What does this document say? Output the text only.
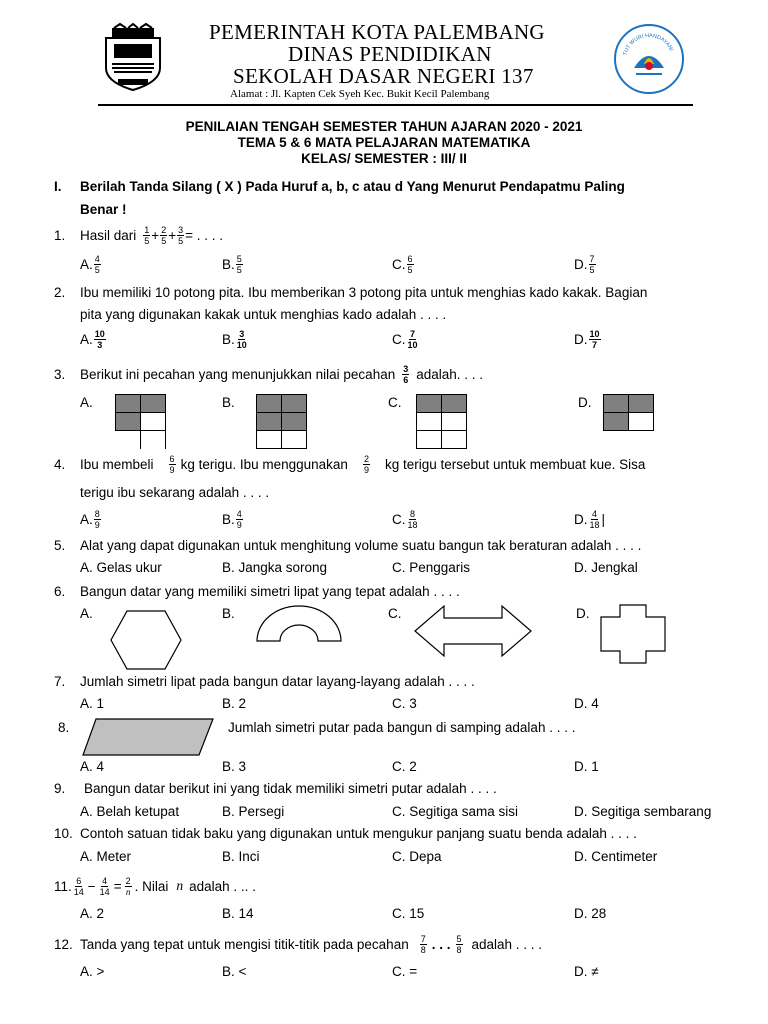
PEMERINTAH KOTA PALEMBANG
DINAS PENDIDIKAN
SEKOLAH DASAR NEGERI 137
Alamat : Jl. Kapten Cek Syeh Kec. Bukit Kecil Palembang
TUT WURI HANDAYANI
PENILAIAN TENGAH SEMESTER TAHUN AJARAN 2020 - 2021
TEMA 5 & 6 MATA PELAJARAN MATEMATIKA
KELAS/ SEMESTER : III/ II
I. Berilah Tanda Silang ( X ) Pada Huruf a, b, c atau d Yang Menurut Pendapatmu Paling
Benar !
1.	Hasil dari $\frac{1}{5} + \frac{2}{5} + \frac{3}{5}$ = . . . .
A. $\frac{4}{5}$	B. $\frac{5}{5}$	C. $\frac{6}{5}$	D. $\frac{7}{5}$
2. Ibu memiliki 10 potong pita. Ibu memberikan 3 potong pita untuk menghias kado kakak. Bagian
pita yang digunakan kakak untuk menghias kado adalah . . . .
A. $\frac{10}{3}$	B. $\frac{3}{10}$	C. $\frac{7}{10}$	D. $\frac{10}{7}$
3.	Berikut ini pecahan yang menunjukkan nilai pecahan $\frac{3}{6}$ adalah. . . .
A.	B.	C.	D.
4.	Ibu membeli $\frac{6}{9}$ kg terigu. Ibu menggunakan $\frac{2}{9}$ kg terigu tersebut untuk membuat kue. Sisa
terigu ibu sekarang adalah . . . .
A. $\frac{8}{9}$	B. $\frac{4}{9}$	C. $\frac{8}{18}$	D. $\frac{4}{18}$ |
5. Alat yang dapat digunakan untuk menghitung volume suatu bangun tak beraturan adalah . . . .
A. Gelas ukur	B. Jangka sorong	C. Penggaris	D. Jengkal
6. Bangun datar yang memiliki simetri lipat yang tepat adalah . . . .
A.	B.	C.	D.
7. Jumlah simetri lipat pada bangun datar layang-layang adalah . . . .
A. 1	B. 2	C. 3	D. 4
8.	Jumlah simetri putar pada bangun di samping adalah . . . .
A. 4	B. 3	C. 2	D. 1
9. Bangun datar berikut ini yang tidak memiliki simetri putar adalah . . . .
A. Belah ketupat	B. Persegi	C. Segitiga sama sisi	D. Segitiga sembarang
10. Contoh satuan tidak baku yang digunakan untuk mengukur panjang suatu benda adalah . . . .
A. Meter	B. Inci	C. Depa	D. Centimeter
11. $\frac{6}{14} - \frac{4}{14} = \frac{2}{n}$ . Nilai n adalah . .. .
A. 2	B. 14	C. 15	D. 28
12. Tanda yang tepat untuk mengisi titik-titik pada pecahan $\frac{7}{8}$ . . . $\frac{5}{8}$ adalah . . . .
A. >	B. <	C. =	D. ≠
